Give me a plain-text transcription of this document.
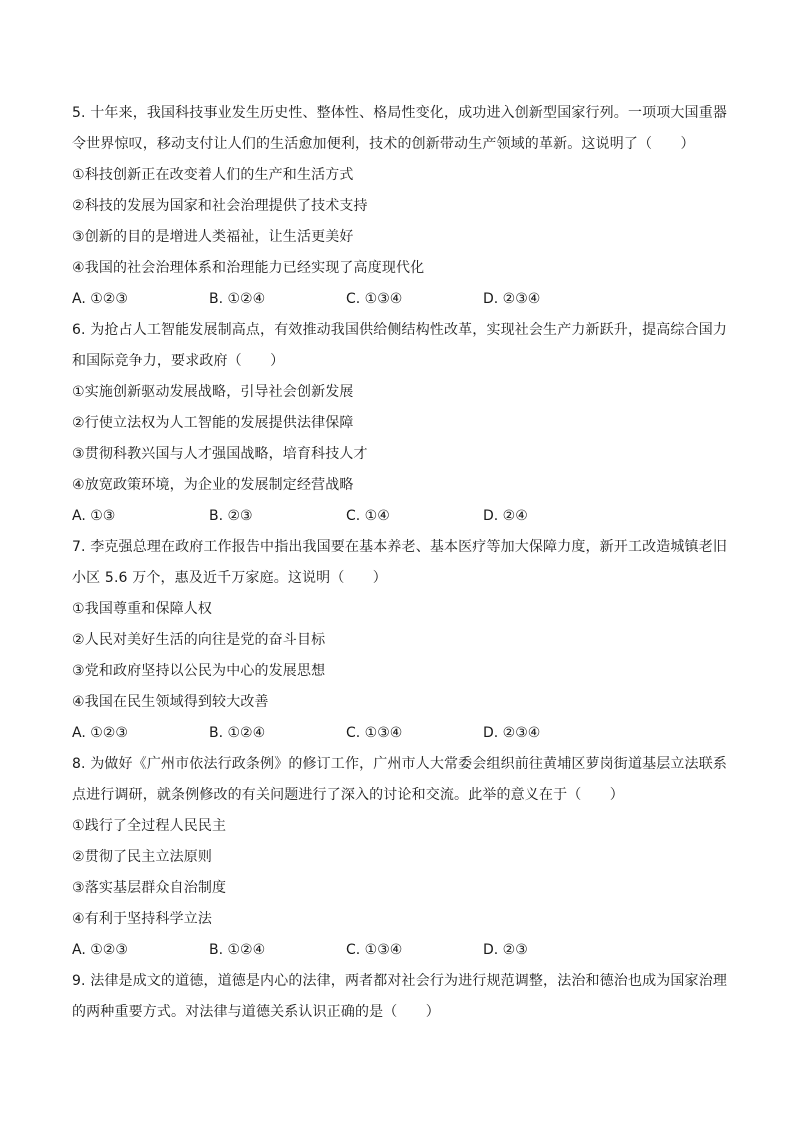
5. 十年来，我国科技事业发生历史性、整体性、格局性变化，成功进入创新型国家行列。一项项大国重器
令世界惊叹，移动支付让人们的生活愈加便利，技术的创新带动生产领域的革新。这说明了（　　）
①科技创新正在改变着人们的生产和生活方式
②科技的发展为国家和社会治理提供了技术支持
③创新的目的是增进人类福祉，让生活更美好
④我国的社会治理体系和治理能力已经实现了高度现代化
A. ①②③	B. ①②④	C. ①③④	D. ②③④
6. 为抢占人工智能发展制高点，有效推动我国供给侧结构性改革，实现社会生产力新跃升，提高综合国力
和国际竞争力，要求政府（　　）
①实施创新驱动发展战略，引导社会创新发展
②行使立法权为人工智能的发展提供法律保障
③贯彻科教兴国与人才强国战略，培育科技人才
④放宽政策环境，为企业的发展制定经营战略
A. ①③	B. ②③	C. ①④	D. ②④
7. 李克强总理在政府工作报告中指出我国要在基本养老、基本医疗等加大保障力度，新开工改造城镇老旧
小区 5.6 万个，惠及近千万家庭。这说明（　　）
①我国尊重和保障人权
②人民对美好生活的向往是党的奋斗目标
③党和政府坚持以公民为中心的发展思想
④我国在民生领域得到较大改善
A. ①②③	B. ①②④	C. ①③④	D. ②③④
8. 为做好《广州市依法行政条例》的修订工作，广州市人大常委会组织前往黄埔区萝岗街道基层立法联系
点进行调研，就条例修改的有关问题进行了深入的讨论和交流。此举的意义在于（　　）
①践行了全过程人民民主
②贯彻了民主立法原则
③落实基层群众自治制度
④有利于坚持科学立法
A. ①②③	B. ①②④	C. ①③④	D. ②③
9. 法律是成文的道德，道德是内心的法律，两者都对社会行为进行规范调整，法治和德治也成为国家治理
的两种重要方式。对法律与道德关系认识正确的是（　　）
